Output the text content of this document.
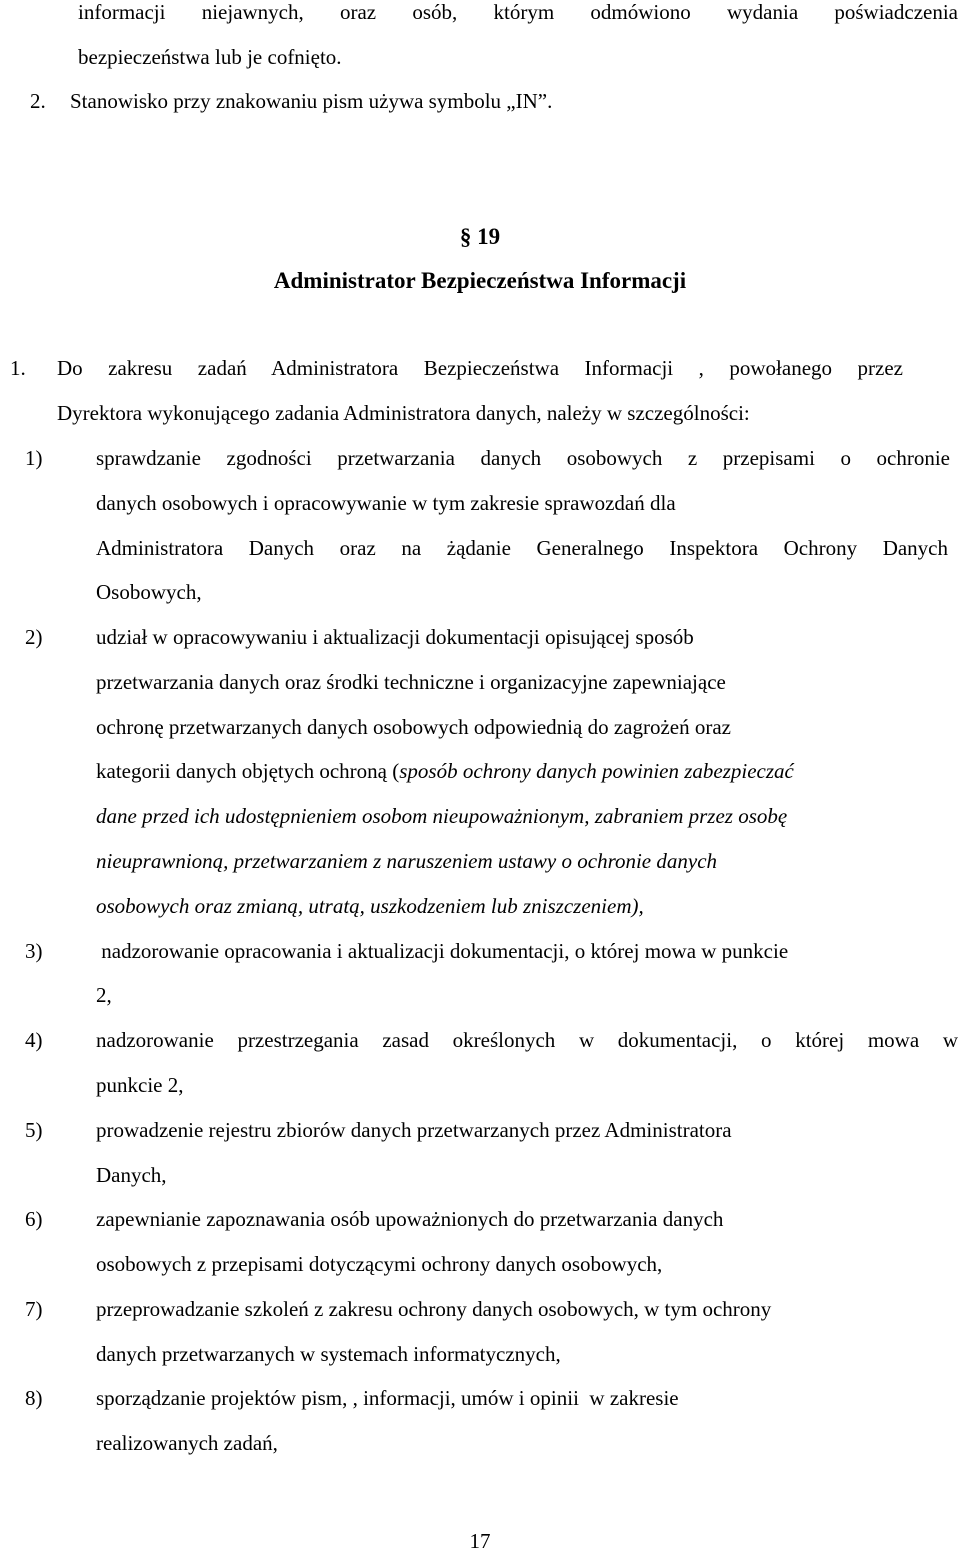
informacji niejawnych, oraz osób, którym odmówiono wydania poświadczenia
bezpieczeństwa lub je cofnięto.
2. Stanowisko przy znakowaniu pism używa symbolu „IN”.
§ 19
Administrator Bezpieczeństwa Informacji
1. Do zakresu zadań Administratora Bezpieczeństwa Informacji , powołanego przez
Dyrektora wykonującego zadania Administratora danych, należy w szczególności:
1)	sprawdzanie zgodności przetwarzania danych osobowych z przepisami o ochronie
danych osobowych i opracowywanie w tym zakresie sprawozdań dla
Administratora Danych oraz na żądanie Generalnego Inspektora Ochrony Danych
Osobowych,
2)	udział w opracowywaniu i aktualizacji dokumentacji opisującej sposób
przetwarzania danych oraz środki techniczne i organizacyjne zapewniające
ochronę przetwarzanych danych osobowych odpowiednią do zagrożeń oraz
kategorii danych objętych ochroną (sposób ochrony danych powinien zabezpieczać
dane przed ich udostępnieniem osobom nieupoważnionym, zabraniem przez osobę
nieuprawnioną, przetwarzaniem z naruszeniem ustawy o ochronie danych
osobowych oraz zmianą, utratą, uszkodzeniem lub zniszczeniem),
3)	nadzorowanie opracowania i aktualizacji dokumentacji, o której mowa w punkcie
2,
4)	nadzorowanie przestrzegania zasad określonych w dokumentacji, o której mowa w
punkcie 2,
5)	prowadzenie rejestru zbiorów danych przetwarzanych przez Administratora
Danych,
6)	zapewnianie zapoznawania osób upoważnionych do przetwarzania danych
osobowych z przepisami dotyczącymi ochrony danych osobowych,
7)	przeprowadzanie szkoleń z zakresu ochrony danych osobowych, w tym ochrony
danych przetwarzanych w systemach informatycznych,
8)	sporządzanie projektów pism, , informacji, umów i opinii  w zakresie
realizowanych zadań,
17
